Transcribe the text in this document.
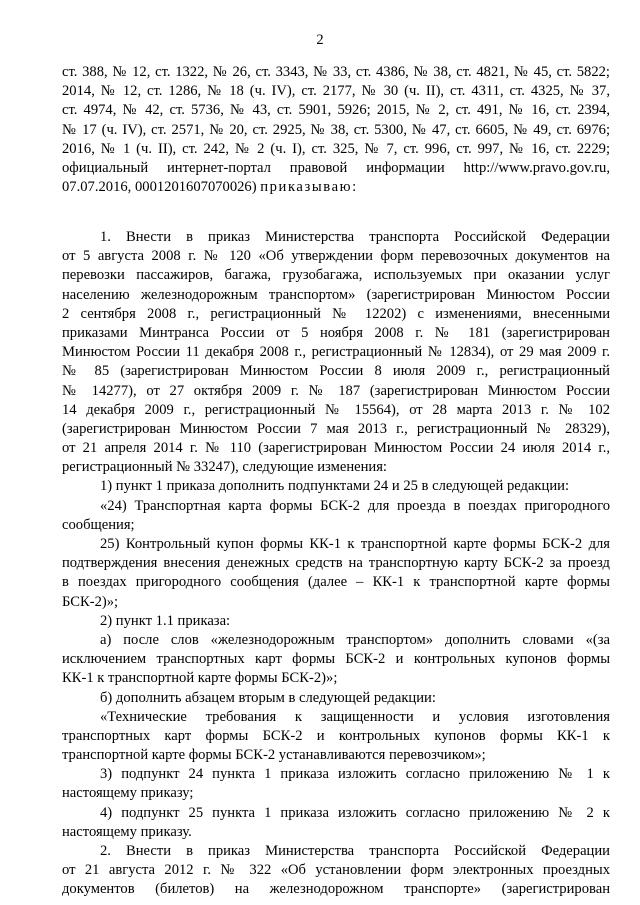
2
ст. 388, № 12, ст. 1322, № 26, ст. 3343, № 33, ст. 4386, № 38, ст. 4821, № 45, ст. 5822;
2014, № 12, ст. 1286, № 18 (ч. IV), ст. 2177, № 30 (ч. II), ст. 4311, ст. 4325, № 37,
ст. 4974, № 42, ст. 5736, № 43, ст. 5901, 5926; 2015, № 2, ст. 491, № 16, ст. 2394,
№ 17 (ч. IV), ст. 2571, № 20, ст. 2925, № 38, ст. 5300, № 47, ст. 6605, № 49, ст. 6976;
2016, № 1 (ч. II), ст. 242, № 2 (ч. I), ст. 325, № 7, ст. 996, ст. 997, № 16, ст. 2229;
официальный интернет-портал правовой информации http://www.pravo.gov.ru,
07.07.2016, 0001201607070026) приказываю:
1. Внести в приказ Министерства транспорта Российской Федерации
от 5 августа 2008 г. № 120 «Об утверждении форм перевозочных документов на
перевозки пассажиров, багажа, грузобагажа, используемых при оказании услуг
населению железнодорожным транспортом» (зарегистрирован Минюстом России
2 сентября 2008 г., регистрационный № 12202) с изменениями, внесенными
приказами Минтранса России от 5 ноября 2008 г. № 181 (зарегистрирован
Минюстом России 11 декабря 2008 г., регистрационный № 12834), от 29 мая 2009 г.
№ 85 (зарегистрирован Минюстом России 8 июля 2009 г., регистрационный
№ 14277), от 27 октября 2009 г. № 187 (зарегистрирован Минюстом России
14 декабря 2009 г., регистрационный № 15564), от 28 марта 2013 г. № 102
(зарегистрирован Минюстом России 7 мая 2013 г., регистрационный № 28329),
от 21 апреля 2014 г. № 110 (зарегистрирован Минюстом России 24 июля 2014 г.,
регистрационный № 33247), следующие изменения:
1) пункт 1 приказа дополнить подпунктами 24 и 25 в следующей редакции:
«24) Транспортная карта формы БСК-2 для проезда в поездах пригородного
сообщения;
25) Контрольный купон формы КК-1 к транспортной карте формы БСК-2 для
подтверждения внесения денежных средств на транспортную карту БСК-2 за проезд
в поездах пригородного сообщения (далее – КК-1 к транспортной карте формы
БСК-2)»;
2) пункт 1.1 приказа:
а) после слов «железнодорожным транспортом» дополнить словами «(за
исключением транспортных карт формы БСК-2 и контрольных купонов формы
КК-1 к транспортной карте формы БСК-2)»;
б) дополнить абзацем вторым в следующей редакции:
«Технические требования к защищенности и условия изготовления
транспортных карт формы БСК-2 и контрольных купонов формы КК-1 к
транспортной карте формы БСК-2 устанавливаются перевозчиком»;
3) подпункт 24 пункта 1 приказа изложить согласно приложению № 1 к
настоящему приказу;
4) подпункт 25 пункта 1 приказа изложить согласно приложению № 2 к
настоящему приказу.
2. Внести в приказ Министерства транспорта Российской Федерации
от 21 августа 2012 г. № 322 «Об установлении форм электронных проездных
документов (билетов) на железнодорожном транспорте» (зарегистрирован
